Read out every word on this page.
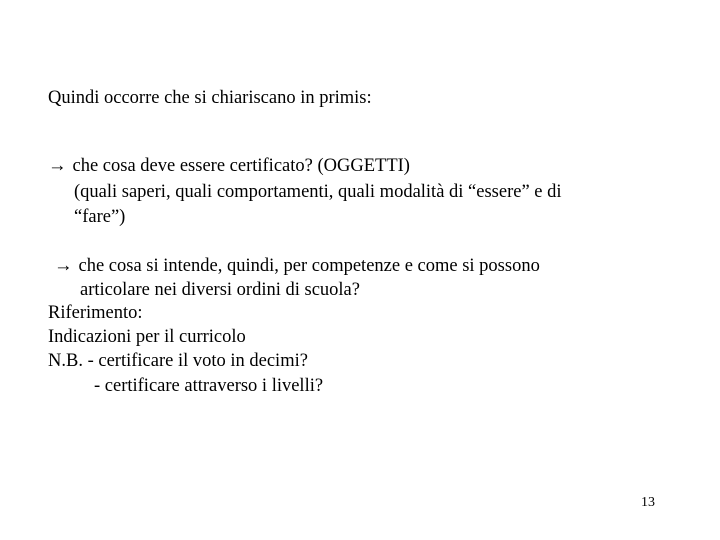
Quindi occorre che si chiariscano in primis:
→ che cosa deve essere certificato? (OGGETTI)
(quali saperi, quali comportamenti, quali modalità di “essere” e di
“fare”)
→ che cosa si intende, quindi, per competenze e come si possono
articolare nei diversi ordini di scuola?
Riferimento:
Indicazioni per il curricolo
N.B. - certificare il voto in decimi?
- certificare attraverso i livelli?
13
